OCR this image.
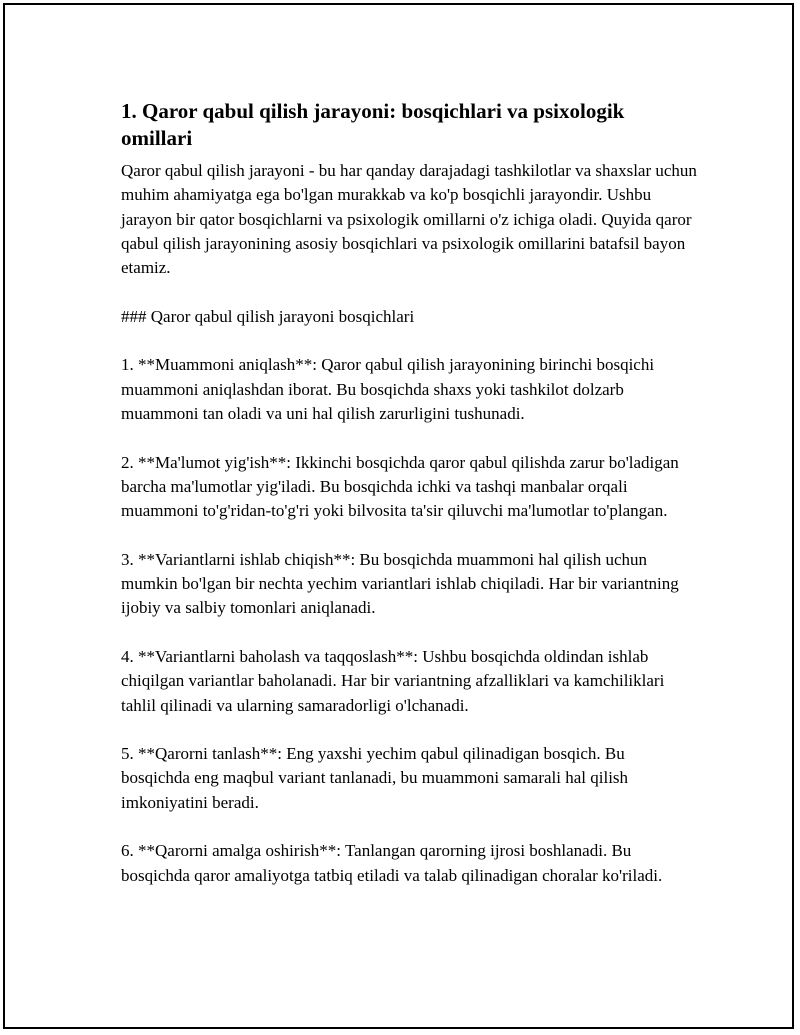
1. Qaror qabul qilish jarayoni: bosqichlari va psixologik omillari

Qaror qabul qilish jarayoni - bu har qanday darajadagi tashkilotlar va shaxslar uchun muhim ahamiyatga ega bo'lgan murakkab va ko'p bosqichli jarayondir. Ushbu jarayon bir qator bosqichlarni va psixologik omillarni o'z ichiga oladi. Quyida qaror qabul qilish jarayonining asosiy bosqichlari va psixologik omillarini batafsil bayon etamiz.

### Qaror qabul qilish jarayoni bosqichlari

1. **Muammoni aniqlash**: Qaror qabul qilish jarayonining birinchi bosqichi muammoni aniqlashdan iborat. Bu bosqichda shaxs yoki tashkilot dolzarb muammoni tan oladi va uni hal qilish zarurligini tushunadi.

2. **Ma'lumot yig'ish**: Ikkinchi bosqichda qaror qabul qilishda zarur bo'ladigan barcha ma'lumotlar yig'iladi. Bu bosqichda ichki va tashqi manbalar orqali muammoni to'g'ridan-to'g'ri yoki bilvosita ta'sir qiluvchi ma'lumotlar to'plangan.

3. **Variantlarni ishlab chiqish**: Bu bosqichda muammoni hal qilish uchun mumkin bo'lgan bir nechta yechim variantlari ishlab chiqiladi. Har bir variantning ijobiy va salbiy tomonlari aniqlanadi.

4. **Variantlarni baholash va taqqoslash**: Ushbu bosqichda oldindan ishlab chiqilgan variantlar baholanadi. Har bir variantning afzalliklari va kamchiliklari tahlil qilinadi va ularning samaradorligi o'lchanadi.

5. **Qarorni tanlash**: Eng yaxshi yechim qabul qilinadigan bosqich. Bu bosqichda eng maqbul variant tanlanadi, bu muammoni samarali hal qilish imkoniyatini beradi.

6. **Qarorni amalga oshirish**: Tanlangan qarorning ijrosi boshlanadi. Bu bosqichda qaror amaliyotga tatbiq etiladi va talab qilinadigan choralar ko'riladi.
